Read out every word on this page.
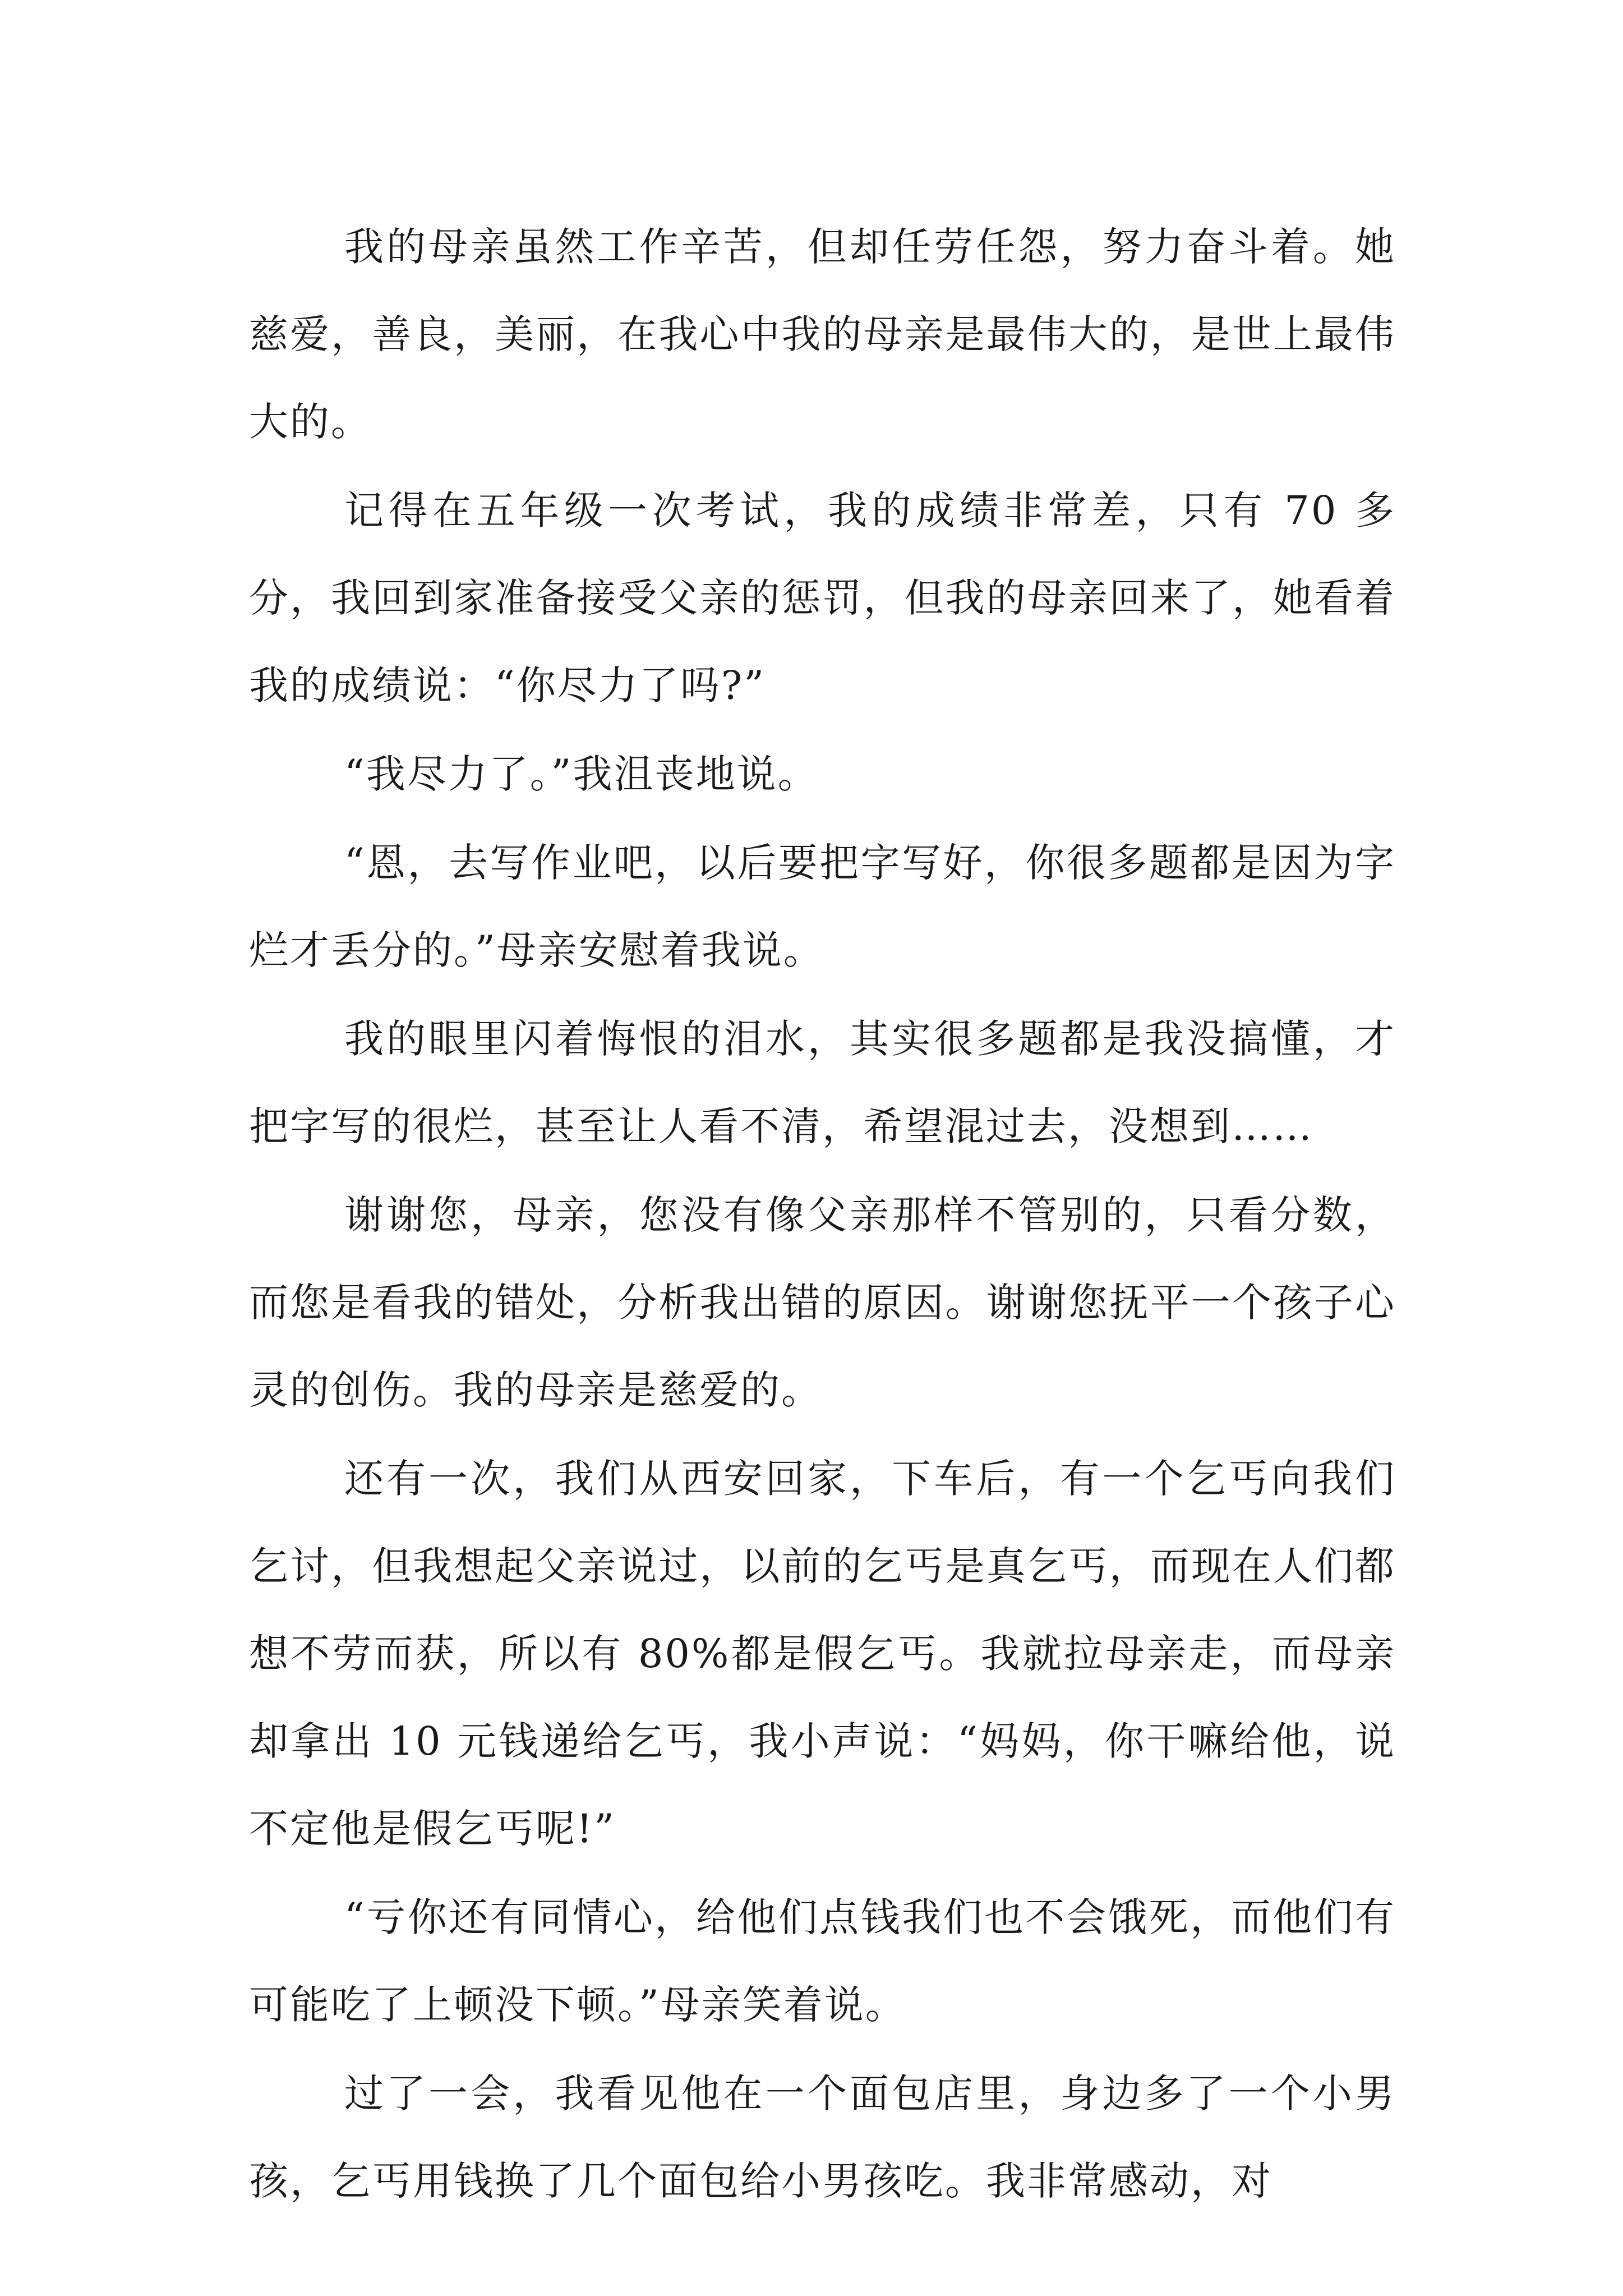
我的母亲虽然工作辛苦，但却任劳任怨，努力奋斗着。她慈爱，善良，美丽，在我心中我的母亲是最伟大的，是世上最伟大的。

记得在五年级一次考试，我的成绩非常差，只有 70 多分，我回到家准备接受父亲的惩罚，但我的母亲回来了，她看着我的成绩说：“你尽力了吗?”

“我尽力了。”我沮丧地说。

“恩，去写作业吧，以后要把字写好，你很多题都是因为字烂才丢分的。”母亲安慰着我说。

我的眼里闪着悔恨的泪水，其实很多题都是我没搞懂，才把字写的很烂，甚至让人看不清，希望混过去，没想到……

谢谢您，母亲，您没有像父亲那样不管别的，只看分数，而您是看我的错处，分析我出错的原因。谢谢您抚平一个孩子心灵的创伤。我的母亲是慈爱的。

还有一次，我们从西安回家，下车后，有一个乞丐向我们乞讨，但我想起父亲说过，以前的乞丐是真乞丐，而现在人们都想不劳而获，所以有 80%都是假乞丐。我就拉母亲走，而母亲却拿出 10 元钱递给乞丐，我小声说：“妈妈，你干嘛给他，说不定他是假乞丐呢!”

“亏你还有同情心，给他们点钱我们也不会饿死，而他们有可能吃了上顿没下顿。”母亲笑着说。

过了一会，我看见他在一个面包店里，身边多了一个小男孩，乞丐用钱换了几个面包给小男孩吃。我非常感动，对
